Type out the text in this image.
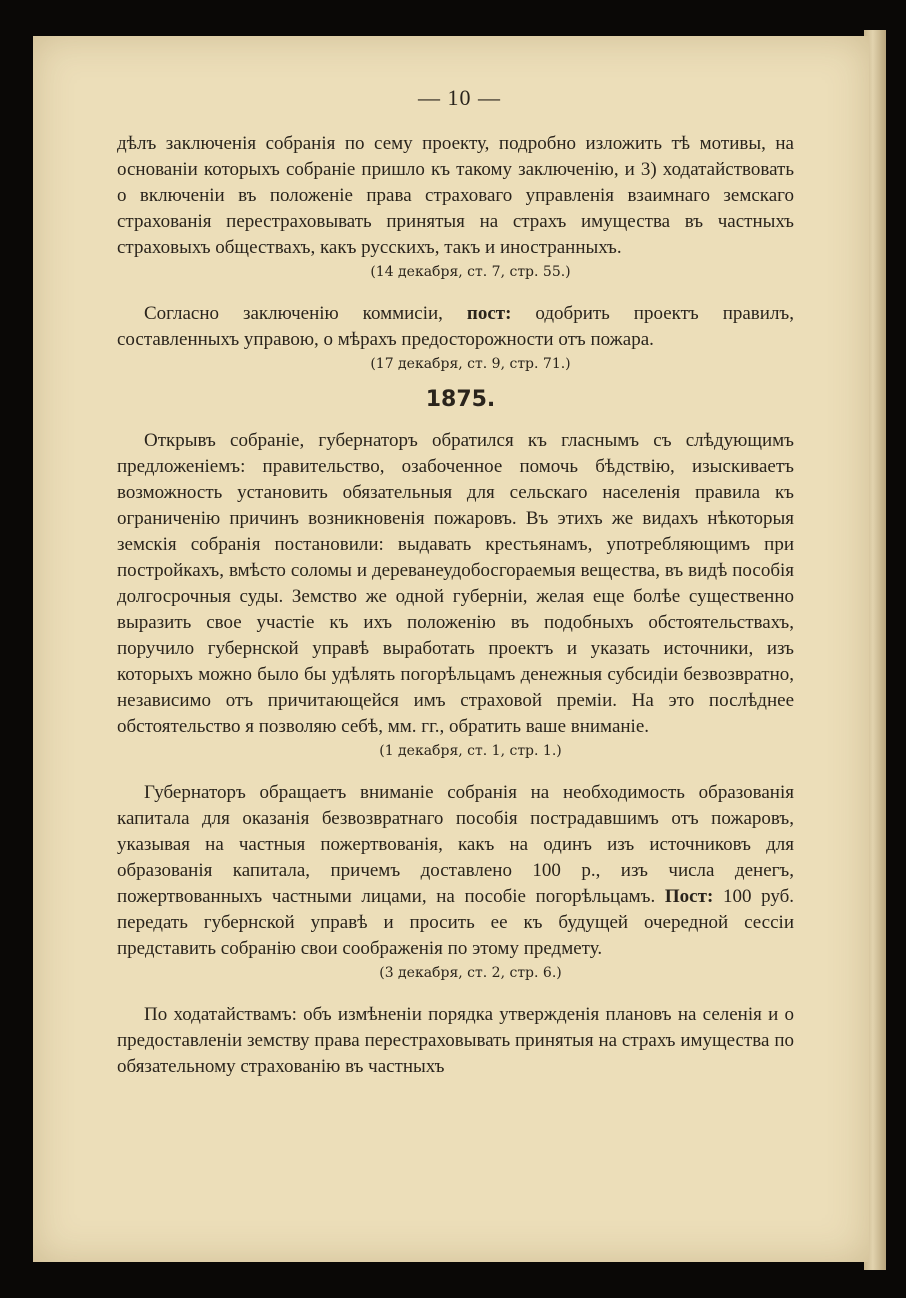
— 10 —

дѣлъ заключенія собранія по сему проекту, подробно изложить тѣ мотивы, на основаніи которыхъ собраніе пришло къ такому заключенію, и 3) ходатайствовать о включеніи въ положеніе права страховаго управленія взаимнаго земскаго страхованія перестраховывать принятыя на страхъ имущества въ частныхъ страховыхъ обществахъ, какъ русскихъ, такъ и иностранныхъ.

(14 декабря, ст. 7, стр. 55.)

Согласно заключенію коммисіи, пост: одобрить проектъ правилъ, составленныхъ управою, о мѣрахъ предосторожности отъ пожара.

(17 декабря, ст. 9, стр. 71.)
1875.

Открывъ собраніе, губернаторъ обратился къ гласнымъ съ слѣдующимъ предложеніемъ: правительство, озабоченное помочь бѣдствію, изыскиваетъ возможность установить обязательныя для сельскаго населенія правила къ ограниченію причинъ возникновенія пожаровъ. Въ этихъ же видахъ нѣкоторыя земскія собранія постановили: выдавать крестьянамъ, употребляющимъ при постройкахъ, вмѣсто соломы и дереванеудобосгораемыя вещества, въ видѣ пособія долгосрочныя суды. Земство же одной губерніи, желая еще болѣе существенно выразить свое участіе къ ихъ положенію въ подобныхъ обстоятельствахъ, поручило губернской управѣ выработать проектъ и указать источники, изъ которыхъ можно было бы удѣлять погорѣльцамъ денежныя субсидіи безвозвратно, независимо отъ причитающейся имъ страховой преміи. На это послѣднее обстоятельство я позволяю себѣ, мм. гг., обратить ваше вниманіе.

(1 декабря, ст. 1, стр. 1.)

Губернаторъ обращаетъ вниманіе собранія на необходимость образованія капитала для оказанія безвозвратнаго пособія пострадавшимъ отъ пожаровъ, указывая на частныя пожертвованія, какъ на одинъ изъ источниковъ для образованія капитала, причемъ доставлено 100 р., изъ числа денегъ, пожертвованныхъ частными лицами, на пособіе погорѣльцамъ. Пост: 100 руб. передать губернской управѣ и просить ее къ будущей очередной сессіи представить собранію свои соображенія по этому предмету.

(3 декабря, ст. 2, стр. 6.)

По ходатайствамъ: объ измѣненіи порядка утвержденія плановъ на селенія и о предоставленіи земству права перестраховывать принятыя на страхъ имущества по обязательному страхованію въ частныхъ
